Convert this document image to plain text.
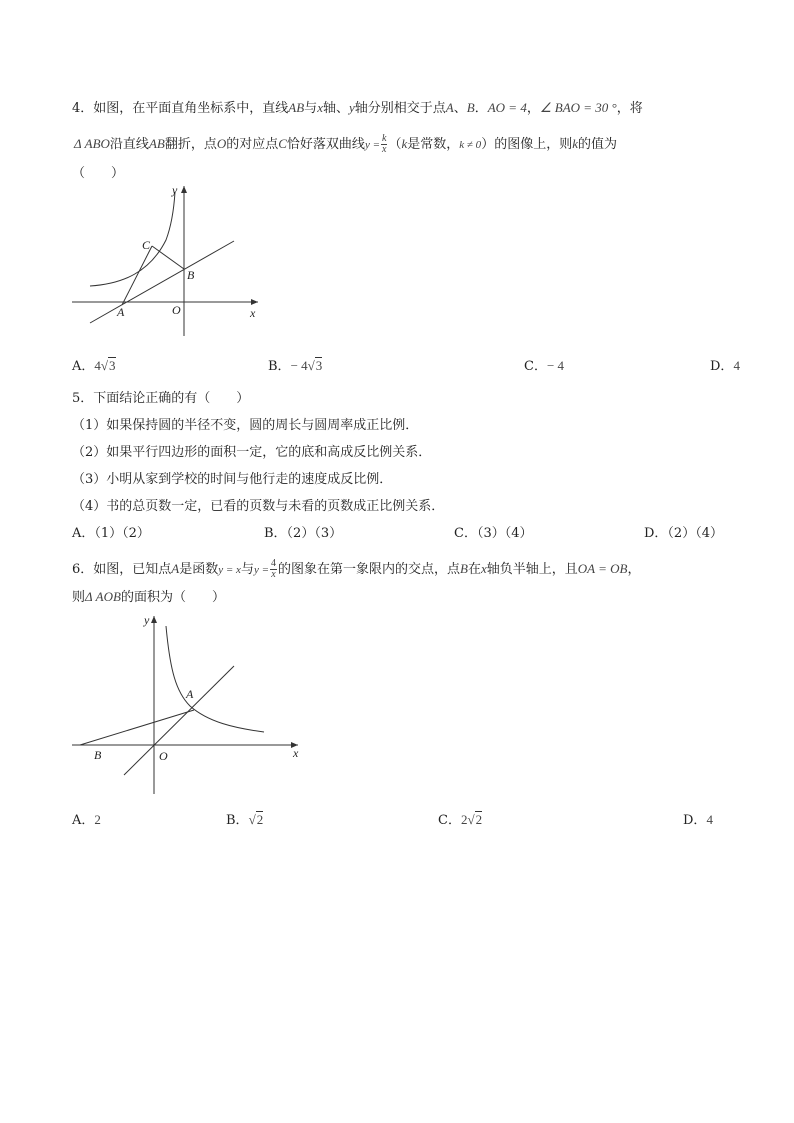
4．如图，在平面直角坐标系中，直线AB与x轴、y轴分别相交于点A、B．AO = 4，∠ BAO = 30 °，将
Δ ABO沿直线AB翻折，点O的对应点C恰好落双曲线$y = \frac{k}{x} (k$是常数，k ≠ 0）的图像上，则k的值为
（　　）
y
C
B
A	O	x
A．4√3	B．− 4√3	C．− 4	D．4
5．下面结论正确的有（　　）
（1）如果保持圆的半径不变，圆的周长与圆周率成正比例．
（2）如果平行四边形的面积一定，它的底和高成反比例关系．
（3）小明从家到学校的时间与他行走的速度成反比例．
（4）书的总页数一定，已看的页数与未看的页数成正比例关系．
A．（1）（2）	B．（2）（3）	C．（3）（4）	D．（2）（4）
6．如图，已知点A是函数y = x与$y = \frac{4}{x}$ 的图象在第一象限内的交点，点B在x轴负半轴上，且OA = OB，
则Δ AOB的面积为（　　）
y
A
B	O	x
A．2	B．√2	C．2√2	D．4
